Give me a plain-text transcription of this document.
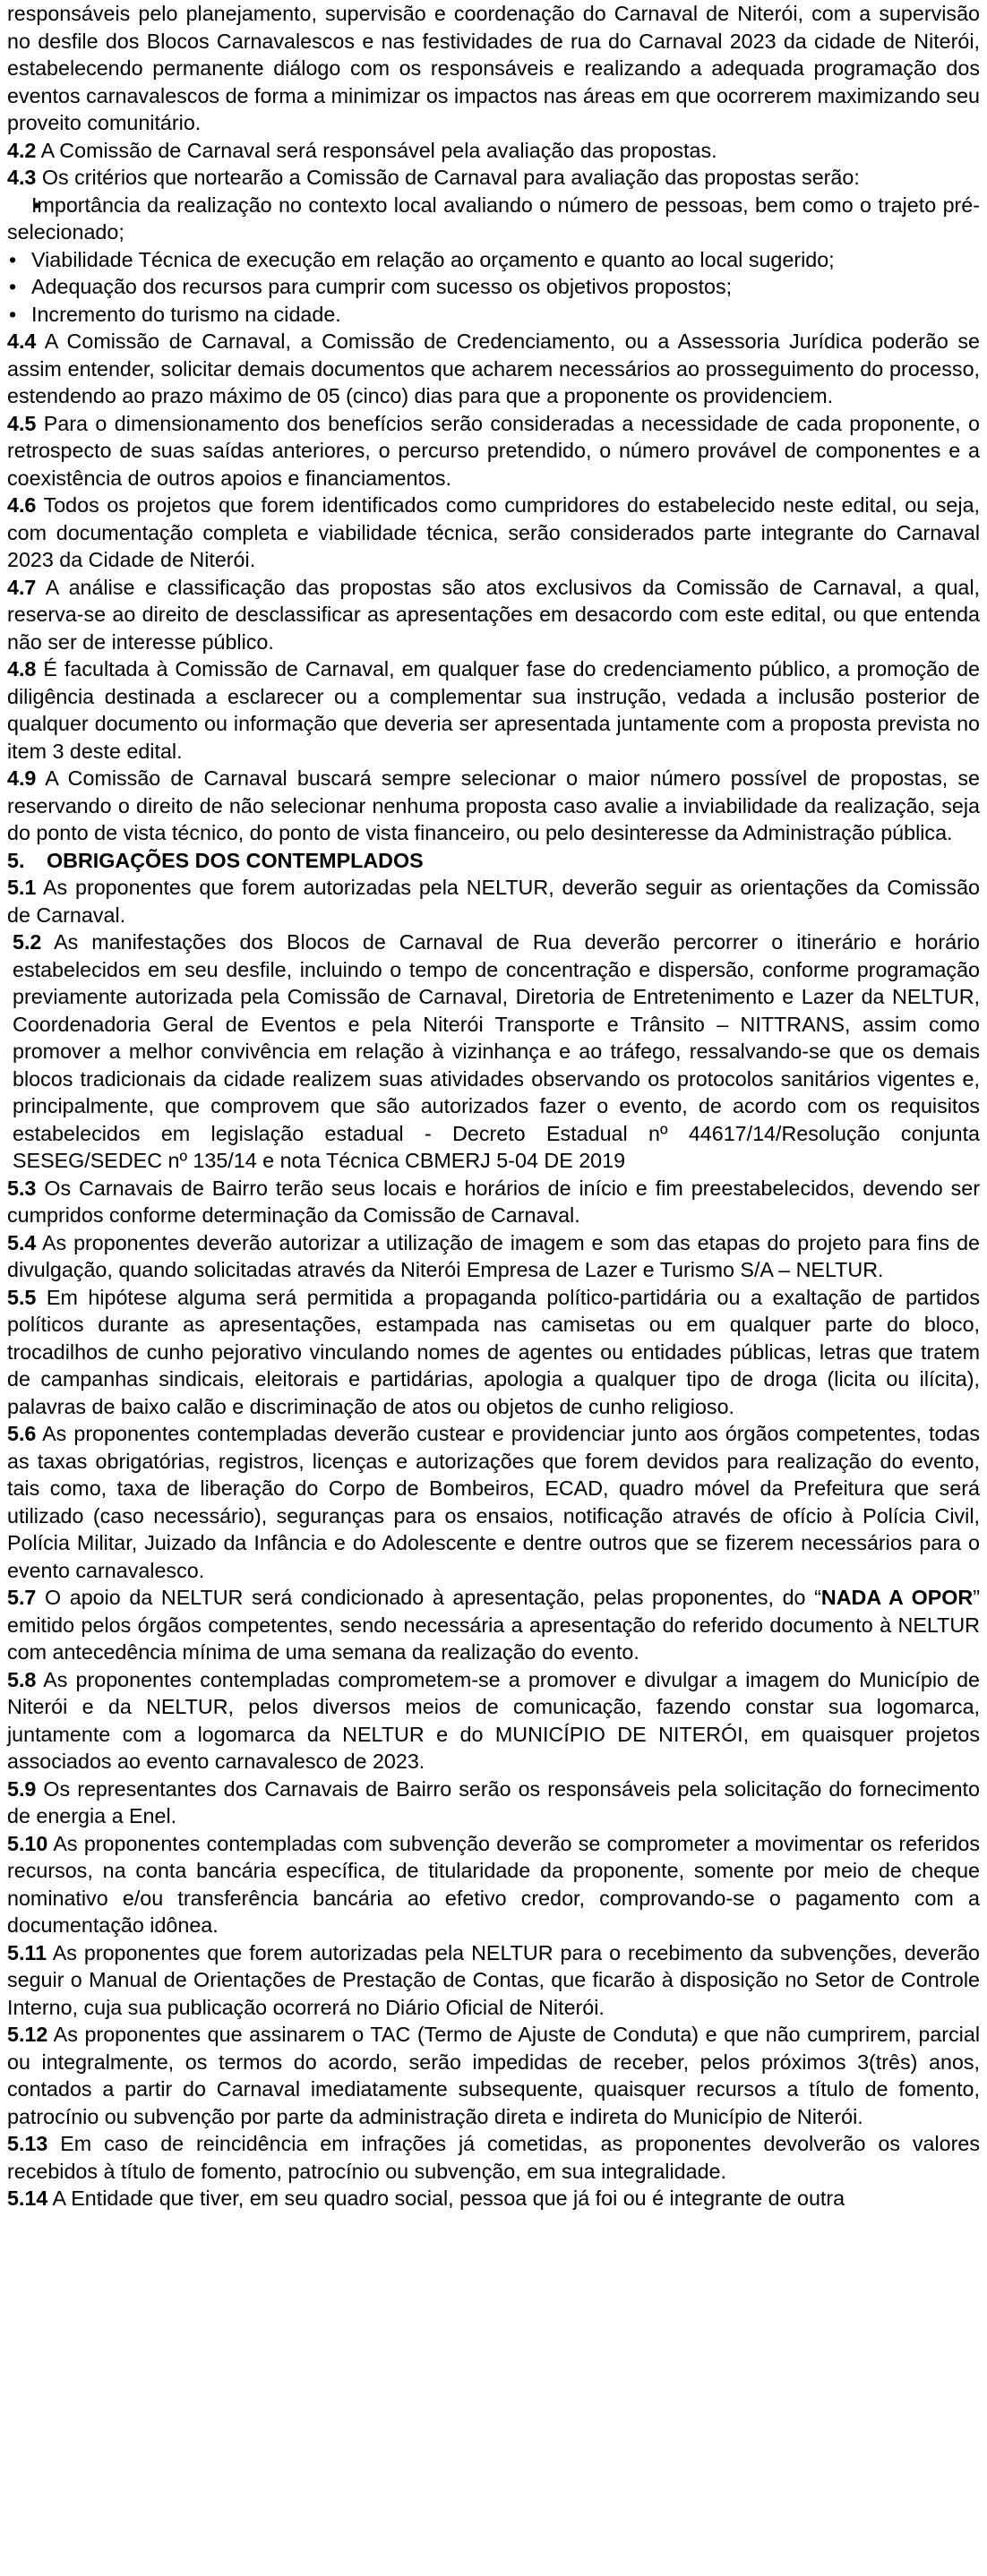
responsáveis pelo planejamento, supervisão e coordenação do Carnaval de Niterói, com a supervisão no desfile dos Blocos Carnavalescos e nas festividades de rua do Carnaval 2023 da cidade de Niterói, estabelecendo permanente diálogo com os responsáveis e realizando a adequada programação dos eventos carnavalescos de forma a minimizar os impactos nas áreas em que ocorrerem maximizando seu proveito comunitário.

4.2 A Comissão de Carnaval será responsável pela avaliação das propostas.

4.3 Os critérios que nortearão a Comissão de Carnaval para avaliação das propostas serão:

• Importância da realização no contexto local avaliando o número de pessoas, bem como o trajeto pré-selecionado;
• Viabilidade Técnica de execução em relação ao orçamento e quanto ao local sugerido;
• Adequação dos recursos para cumprir com sucesso os objetivos propostos;
• Incremento do turismo na cidade.

4.4 A Comissão de Carnaval, a Comissão de Credenciamento, ou a Assessoria Jurídica poderão se assim entender, solicitar demais documentos que acharem necessários ao prosseguimento do processo, estendendo ao prazo máximo de 05 (cinco) dias para que a proponente os providenciem.

4.5 Para o dimensionamento dos benefícios serão consideradas a necessidade de cada proponente, o retrospecto de suas saídas anteriores, o percurso pretendido, o número provável de componentes e a coexistência de outros apoios e financiamentos.

4.6 Todos os projetos que forem identificados como cumpridores do estabelecido neste edital, ou seja, com documentação completa e viabilidade técnica, serão considerados parte integrante do Carnaval 2023 da Cidade de Niterói.

4.7 A análise e classificação das propostas são atos exclusivos da Comissão de Carnaval, a qual, reserva-se ao direito de desclassificar as apresentações em desacordo com este edital, ou que entenda não ser de interesse público.

4.8 É facultada à Comissão de Carnaval, em qualquer fase do credenciamento público, a promoção de diligência destinada a esclarecer ou a complementar sua instrução, vedada a inclusão posterior de qualquer documento ou informação que deveria ser apresentada juntamente com a proposta prevista no item 3 deste edital.

4.9 A Comissão de Carnaval buscará sempre selecionar o maior número possível de propostas, se reservando o direito de não selecionar nenhuma proposta caso avalie a inviabilidade da realização, seja do ponto de vista técnico, do ponto de vista financeiro, ou pelo desinteresse da Administração pública.

5. OBRIGAÇÕES DOS CONTEMPLADOS

5.1 As proponentes que forem autorizadas pela NELTUR, deverão seguir as orientações da Comissão de Carnaval.

5.2 As manifestações dos Blocos de Carnaval de Rua deverão percorrer o itinerário e horário estabelecidos em seu desfile, incluindo o tempo de concentração e dispersão, conforme programação previamente autorizada pela Comissão de Carnaval, Diretoria de Entretenimento e Lazer da NELTUR, Coordenadoria Geral de Eventos e pela Niterói Transporte e Trânsito – NITTRANS, assim como promover a melhor convivência em relação à vizinhança e ao tráfego, ressalvando-se que os demais blocos tradicionais da cidade realizem suas atividades observando os protocolos sanitários vigentes e, principalmente, que comprovem que são autorizados fazer o evento, de acordo com os requisitos estabelecidos em legislação estadual - Decreto Estadual nº 44617/14/Resolução conjunta SESEG/SEDEC nº 135/14 e nota Técnica CBMERJ 5-04 DE 2019

5.3 Os Carnavais de Bairro terão seus locais e horários de início e fim preestabelecidos, devendo ser cumpridos conforme determinação da Comissão de Carnaval.

5.4 As proponentes deverão autorizar a utilização de imagem e som das etapas do projeto para fins de divulgação, quando solicitadas através da Niterói Empresa de Lazer e Turismo S/A – NELTUR.

5.5 Em hipótese alguma será permitida a propaganda político-partidária ou a exaltação de partidos políticos durante as apresentações, estampada nas camisetas ou em qualquer parte do bloco, trocadilhos de cunho pejorativo vinculando nomes de agentes ou entidades públicas, letras que tratem de campanhas sindicais, eleitorais e partidárias, apologia a qualquer tipo de droga (licita ou ilícita), palavras de baixo calão e discriminação de atos ou objetos de cunho religioso.

5.6 As proponentes contempladas deverão custear e providenciar junto aos órgãos competentes, todas as taxas obrigatórias, registros, licenças e autorizações que forem devidos para realização do evento, tais como, taxa de liberação do Corpo de Bombeiros, ECAD, quadro móvel da Prefeitura que será utilizado (caso necessário), seguranças para os ensaios, notificação através de ofício à Polícia Civil, Polícia Militar, Juizado da Infância e do Adolescente e dentre outros que se fizerem necessários para o evento carnavalesco.

5.7 O apoio da NELTUR será condicionado à apresentação, pelas proponentes, do “NADA A OPOR” emitido pelos órgãos competentes, sendo necessária a apresentação do referido documento à NELTUR com antecedência mínima de uma semana da realização do evento.

5.8 As proponentes contempladas comprometem-se a promover e divulgar a imagem do Município de Niterói e da NELTUR, pelos diversos meios de comunicação, fazendo constar sua logomarca, juntamente com a logomarca da NELTUR e do MUNICÍPIO DE NITERÓI, em quaisquer projetos associados ao evento carnavalesco de 2023.

5.9 Os representantes dos Carnavais de Bairro serão os responsáveis pela solicitação do fornecimento de energia a Enel.

5.10 As proponentes contempladas com subvenção deverão se comprometer a movimentar os referidos recursos, na conta bancária específica, de titularidade da proponente, somente por meio de cheque nominativo e/ou transferência bancária ao efetivo credor, comprovando-se o pagamento com a documentação idônea.

5.11 As proponentes que forem autorizadas pela NELTUR para o recebimento da subvenções, deverão seguir o Manual de Orientações de Prestação de Contas, que ficarão à disposição no Setor de Controle Interno, cuja sua publicação ocorrerá no Diário Oficial de Niterói.

5.12 As proponentes que assinarem o TAC (Termo de Ajuste de Conduta) e que não cumprirem, parcial ou integralmente, os termos do acordo, serão impedidas de receber, pelos próximos 3(três) anos, contados a partir do Carnaval imediatamente subsequente, quaisquer recursos a título de fomento, patrocínio ou subvenção por parte da administração direta e indireta do Município de Niterói.

5.13 Em caso de reincidência em infrações já cometidas, as proponentes devolverão os valores recebidos à título de fomento, patrocínio ou subvenção, em sua integralidade.

5.14 A Entidade que tiver, em seu quadro social, pessoa que já foi ou é integrante de outra
